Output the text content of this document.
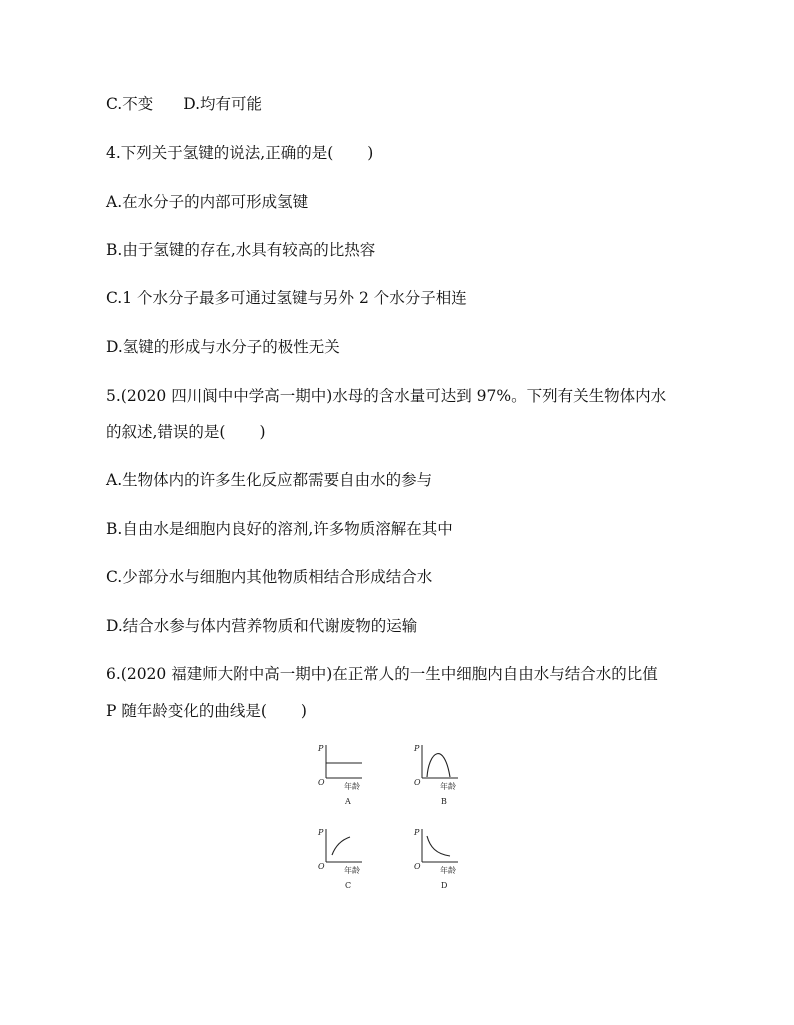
C.不变 D.均有可能
4.下列关于氢键的说法,正确的是( )
A.在水分子的内部可形成氢键
B.由于氢键的存在,水具有较高的比热容
C.1 个水分子最多可通过氢键与另外 2 个水分子相连
D.氢键的形成与水分子的极性无关
5.(2020 四川阆中中学高一期中)水母的含水量可达到 97%。下列有关生物体内水
的叙述,错误的是( )
A.生物体内的许多生化反应都需要自由水的参与
B.自由水是细胞内良好的溶剂,许多物质溶解在其中
C.少部分水与细胞内其他物质相结合形成结合水
D.结合水参与体内营养物质和代谢废物的运输
6.(2020 福建师大附中高一期中)在正常人的一生中细胞内自由水与结合水的比值
P 随年龄变化的曲线是( )
P
O 年龄
A
P
O 年龄
B
P
O 年龄
C
P
O 年龄
D
